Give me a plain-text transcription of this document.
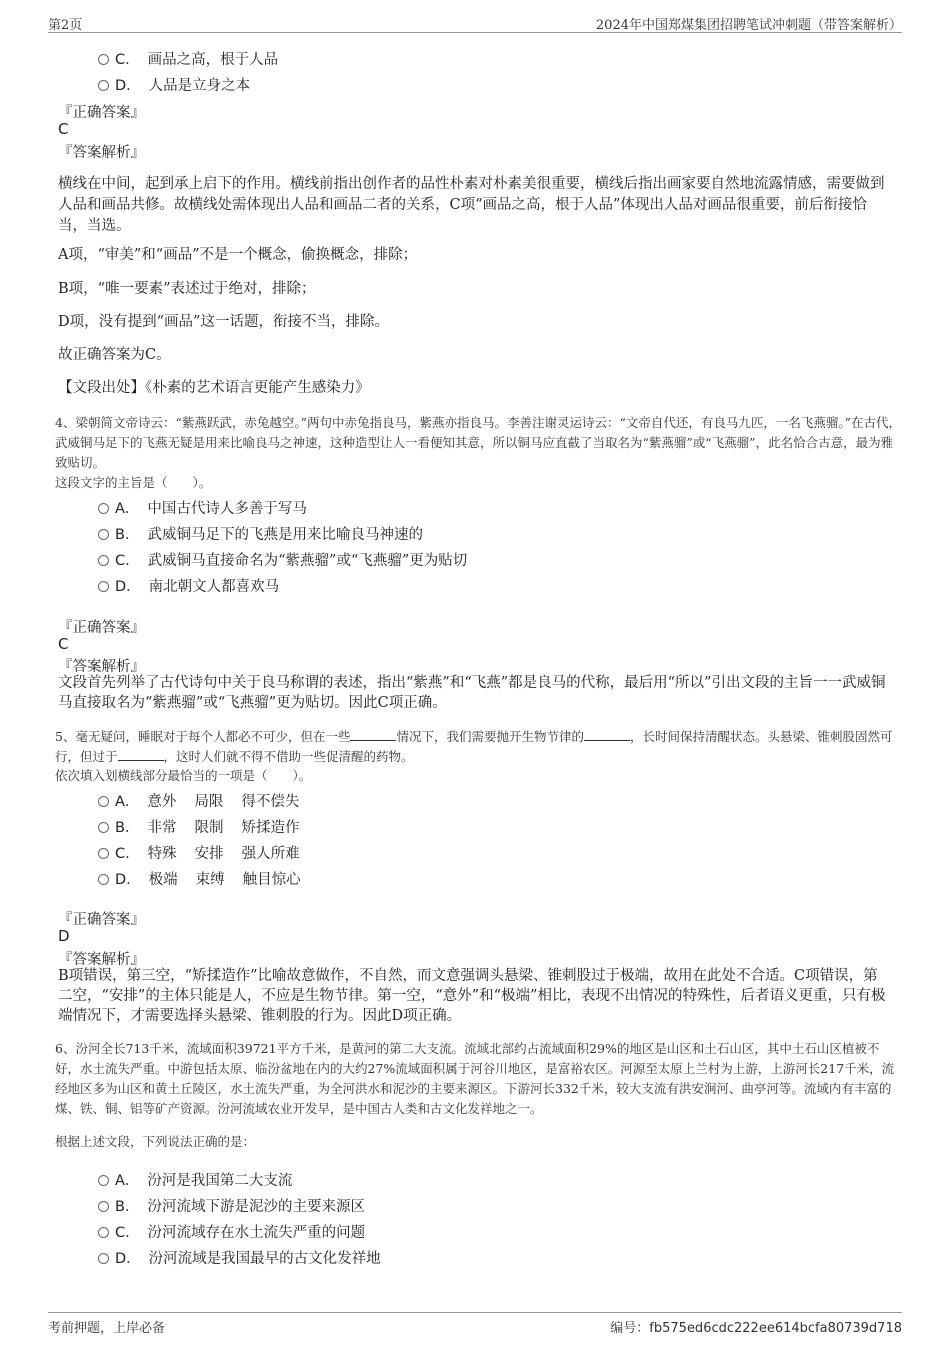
第2页	2024年中国郑煤集团招聘笔试冲刺题（带答案解析）
C． 画品之高，根于人品
D． 人品是立身之本
『正确答案』
C
『答案解析』
横线在中间，起到承上启下的作用。横线前指出创作者的品性朴素对朴素美很重要，横线后指出画家要自然地流露情感，需要做到人品和画品共修。故横线处需体现出人品和画品二者的关系，C项“画品之高，根于人品”体现出人品对画品很重要，前后衔接恰当，当选。
A项，“审美”和“画品”不是一个概念，偷换概念，排除；
B项，“唯一要素”表述过于绝对，排除；
D项，没有提到“画品”这一话题，衔接不当，排除。
故正确答案为C。
【文段出处】《朴素的艺术语言更能产生感染力》
4、梁朝简文帝诗云：“紫燕跃武，赤兔越空。”两句中赤兔指良马，紫燕亦指良马。李善注谢灵运诗云：“文帝自代还，有良马九匹，一名飞燕骝。”在古代，武威铜马足下的飞燕无疑是用来比喻良马之神速，这种造型让人一看便知其意，所以铜马应直截了当取名为“紫燕骝”或“飞燕骝”，此名恰合古意，最为雅致贴切。
这段文字的主旨是（　　）。
A． 中国古代诗人多善于写马
B． 武威铜马足下的飞燕是用来比喻良马神速的
C． 武威铜马直接命名为“紫燕骝”或“飞燕骝”更为贴切
D． 南北朝文人都喜欢马
『正确答案』
C
『答案解析』
文段首先列举了古代诗句中关于良马称谓的表述，指出“紫燕”和“飞燕”都是良马的代称，最后用“所以”引出文段的主旨一一武威铜马直接取名为“紫燕骝”或“飞燕骝”更为贴切。因此C项正确。
5、毫无疑问，睡眠对于每个人都必不可少，但在一些	情况下，我们需要抛开生物节律的	，长时间保持清醒状态。头悬梁、锥刺股固然可行，但过于	，这时人们就不得不借助一些促清醒的药物。
依次填入划横线部分最恰当的一项是（　　）。
A． 意外 局限 得不偿失
B． 非常 限制 矫揉造作
C． 特殊 安排 强人所难
D． 极端 束缚 触目惊心
『正确答案』
D
『答案解析』
B项错误，第三空，“矫揉造作”比喻故意做作，不自然，而文意强调头悬梁、锥刺股过于极端，故用在此处不合适。C项错误，第二空，“安排”的主体只能是人，不应是生物节律。第一空，“意外”和“极端”相比，表现不出情况的特殊性，后者语义更重，只有极端情况下，才需要选择头悬梁、锥刺股的行为。因此D项正确。
6、汾河全长713千米，流域面积39721平方千米，是黄河的第二大支流。流域北部约占流域面积29%的地区是山区和土石山区，其中土石山区植被不好，水土流失严重。中游包括太原、临汾盆地在内的大约27%流域面积属于河谷川地区，是富裕农区。河源至太原上兰村为上游，上游河长217千米，流经地区多为山区和黄土丘陵区，水土流失严重，为全河洪水和泥沙的主要来源区。下游河长332千米，较大支流有洪安涧河、曲亭河等。流域内有丰富的煤、铁、铜、铝等矿产资源。汾河流域农业开发早，是中国古人类和古文化发祥地之一。
根据上述文段，下列说法正确的是：
A． 汾河是我国第二大支流
B． 汾河流域下游是泥沙的主要来源区
C． 汾河流域存在水土流失严重的问题
D． 汾河流域是我国最早的古文化发祥地
考前押题，上岸必备	编号：fb575ed6cdc222ee614bcfa80739d718
